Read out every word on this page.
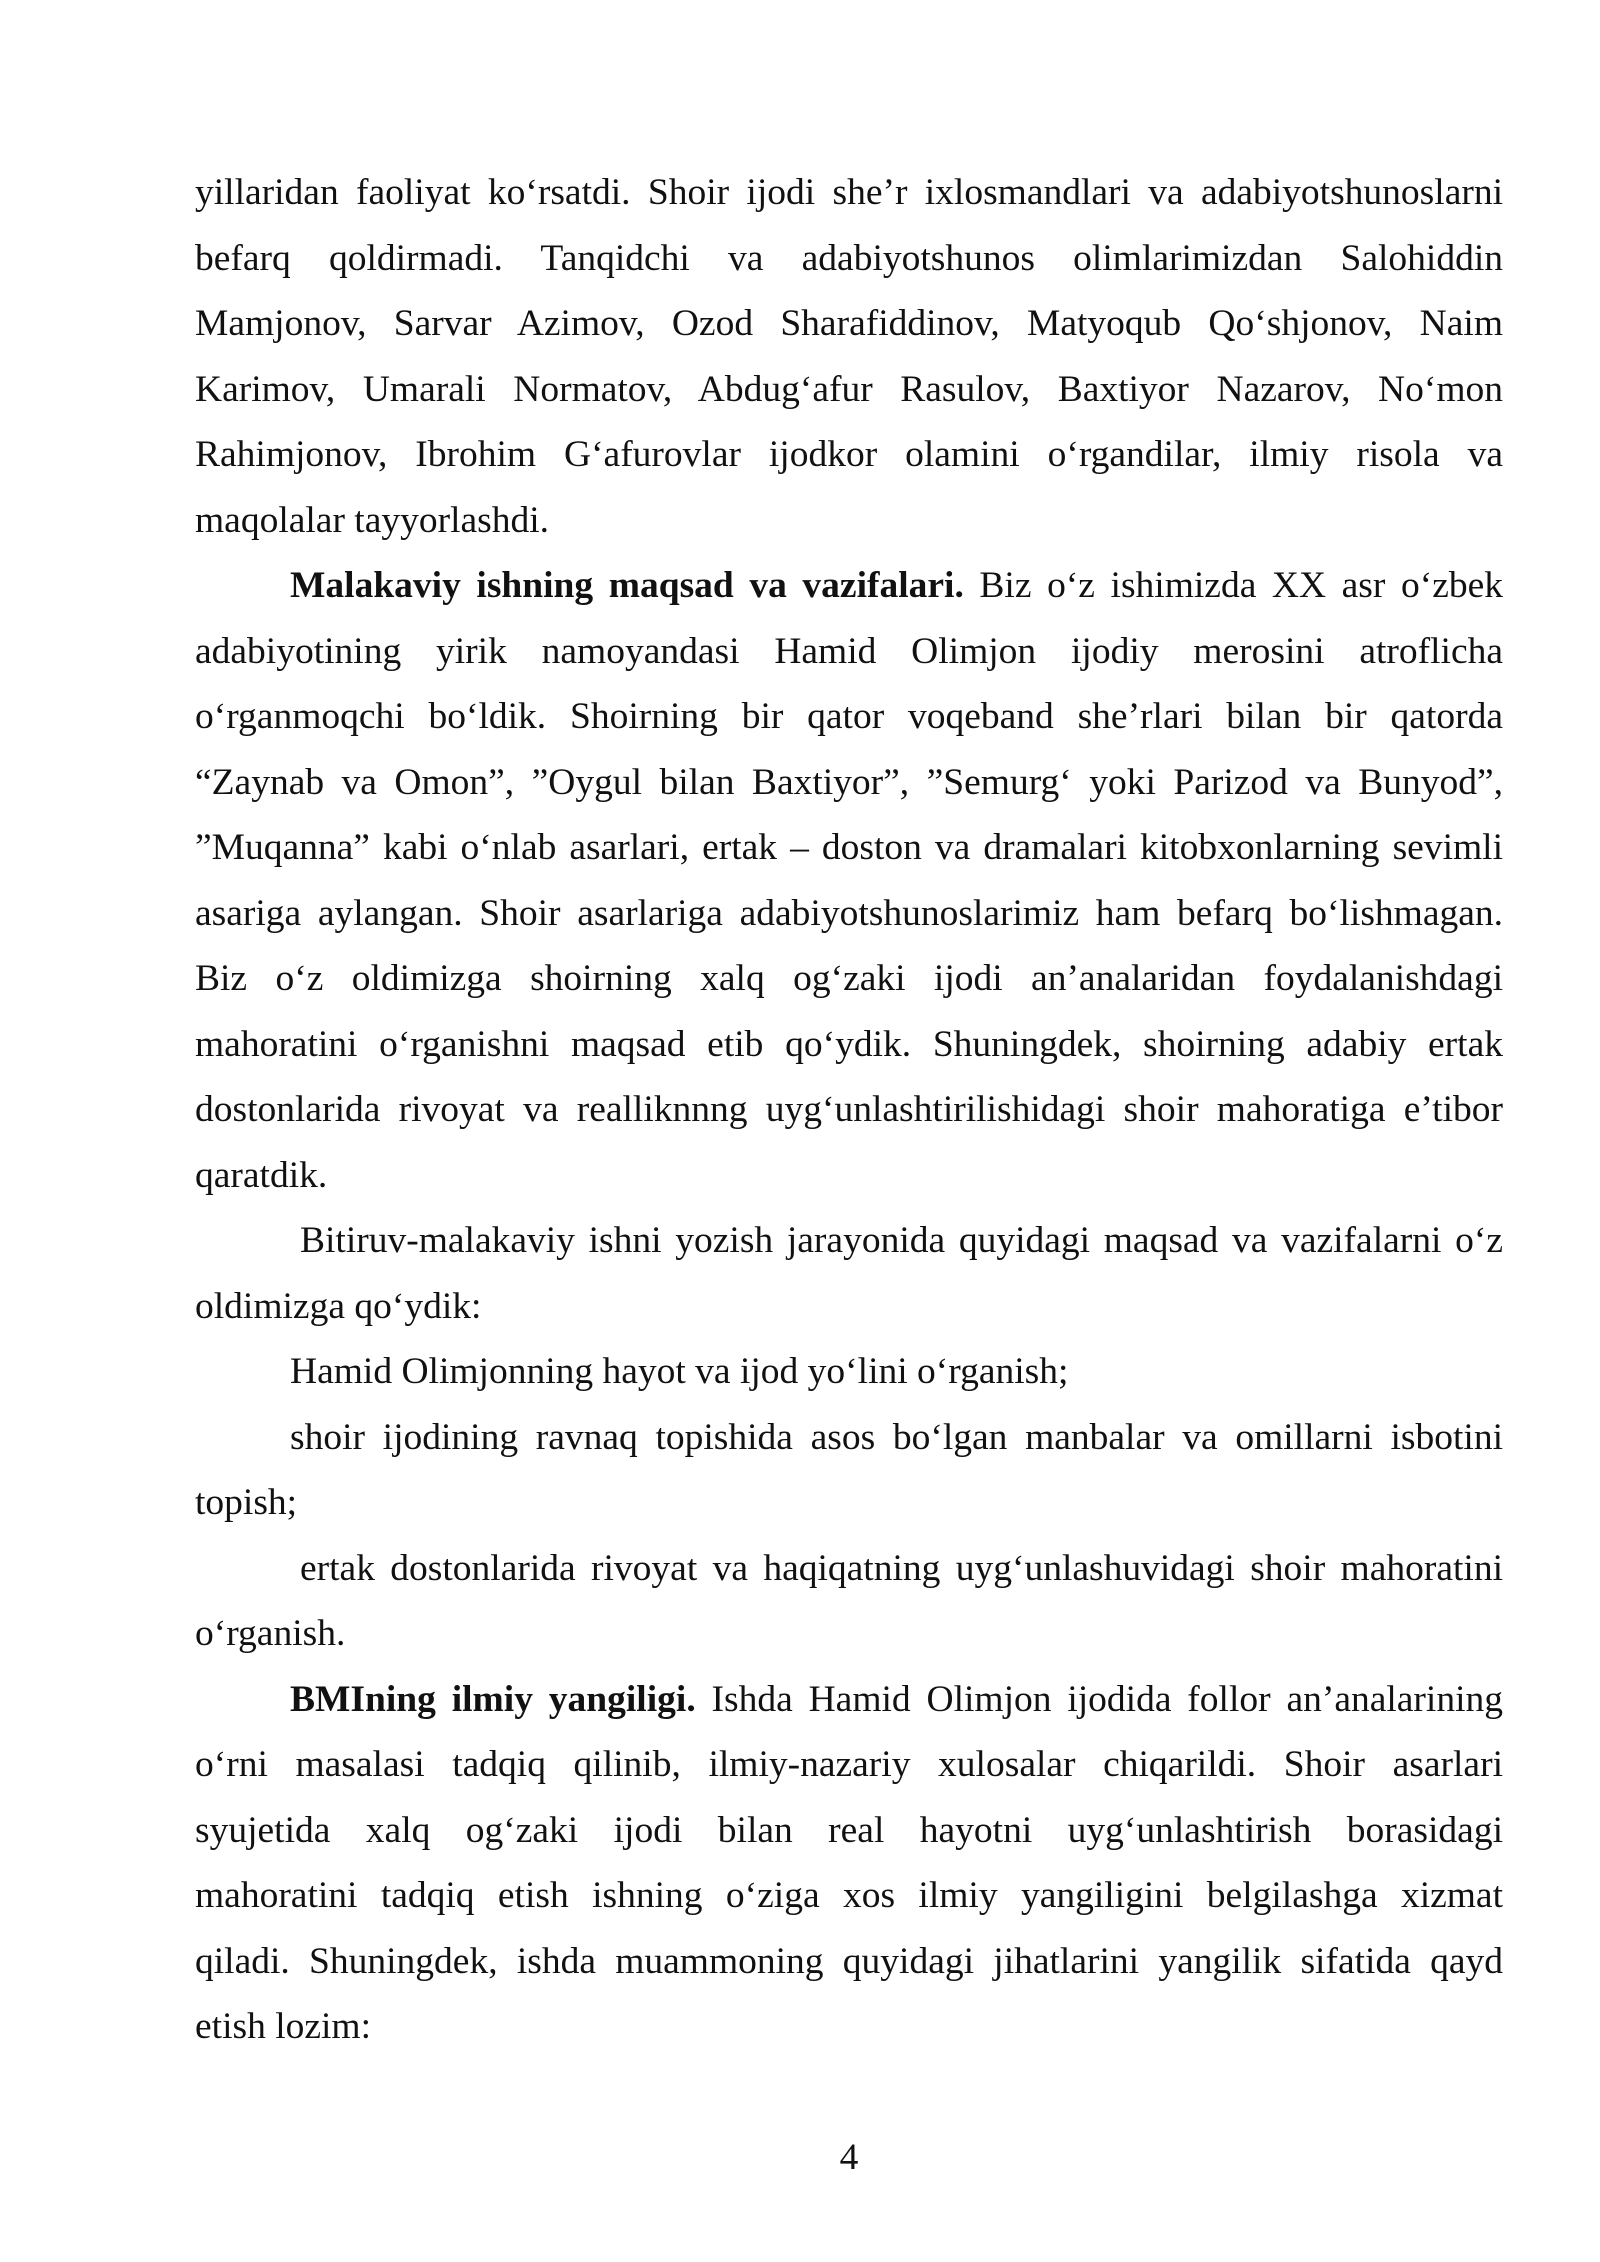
yillaridan faoliyat ko‘rsatdi. Shoir ijodi she’r ixlosmandlari va adabiyotshunoslarni
befarq qoldirmadi. Tanqidchi va adabiyotshunos olimlarimizdan Salohiddin
Mamjonov, Sarvar Azimov, Ozod Sharafiddinov, Matyoqub Qo‘shjonov, Naim
Karimov, Umarali Normatov, Abdug‘afur Rasulov, Baxtiyor Nazarov, No‘mon
Rahimjonov, Ibrohim G‘afurovlar ijodkor olamini o‘rgandilar, ilmiy risola va
maqolalar tayyorlashdi.
Malakaviy ishning maqsad va vazifalari. Biz o‘z ishimizda XX asr o‘zbek
adabiyotining yirik namoyandasi Hamid Olimjon ijodiy merosini atroflicha
o‘rganmoqchi bo‘ldik. Shoirning bir qator voqeband she’rlari bilan bir qatorda
“Zaynab va Omon”, ”Oygul bilan Baxtiyor”, ”Semurg‘ yoki Parizod va Bunyod”,
”Muqanna” kabi o‘nlab asarlari, ertak – doston va dramalari kitobxonlarning sevimli
asariga aylangan. Shoir asarlariga adabiyotshunoslarimiz ham befarq bo‘lishmagan.
Biz o‘z oldimizga shoirning xalq og‘zaki ijodi an’analaridan foydalanishdagi
mahoratini o‘rganishni maqsad etib qo‘ydik. Shuningdek, shoirning adabiy ertak
dostonlarida rivoyat va realliknnng uyg‘unlashtirilishidagi shoir mahoratiga e’tibor
qaratdik.
Bitiruv-malakaviy ishni yozish jarayonida quyidagi maqsad va vazifalarni o‘z
oldimizga qo‘ydik:
Hamid Olimjonning hayot va ijod yo‘lini o‘rganish;
shoir ijodining ravnaq topishida asos bo‘lgan manbalar va omillarni isbotini
topish;
ertak dostonlarida rivoyat va haqiqatning uyg‘unlashuvidagi shoir mahoratini
o‘rganish.
BMIning ilmiy yangiligi. Ishda Hamid Olimjon ijodida follor an’analarining
o‘rni masalasi tadqiq qilinib, ilmiy-nazariy xulosalar chiqarildi. Shoir asarlari
syujetida xalq og‘zaki ijodi bilan real hayotni uyg‘unlashtirish borasidagi
mahoratini tadqiq etish ishning o‘ziga xos ilmiy yangiligini belgilashga xizmat
qiladi. Shuningdek, ishda muammoning quyidagi jihatlarini yangilik sifatida qayd
etish lozim:
4
